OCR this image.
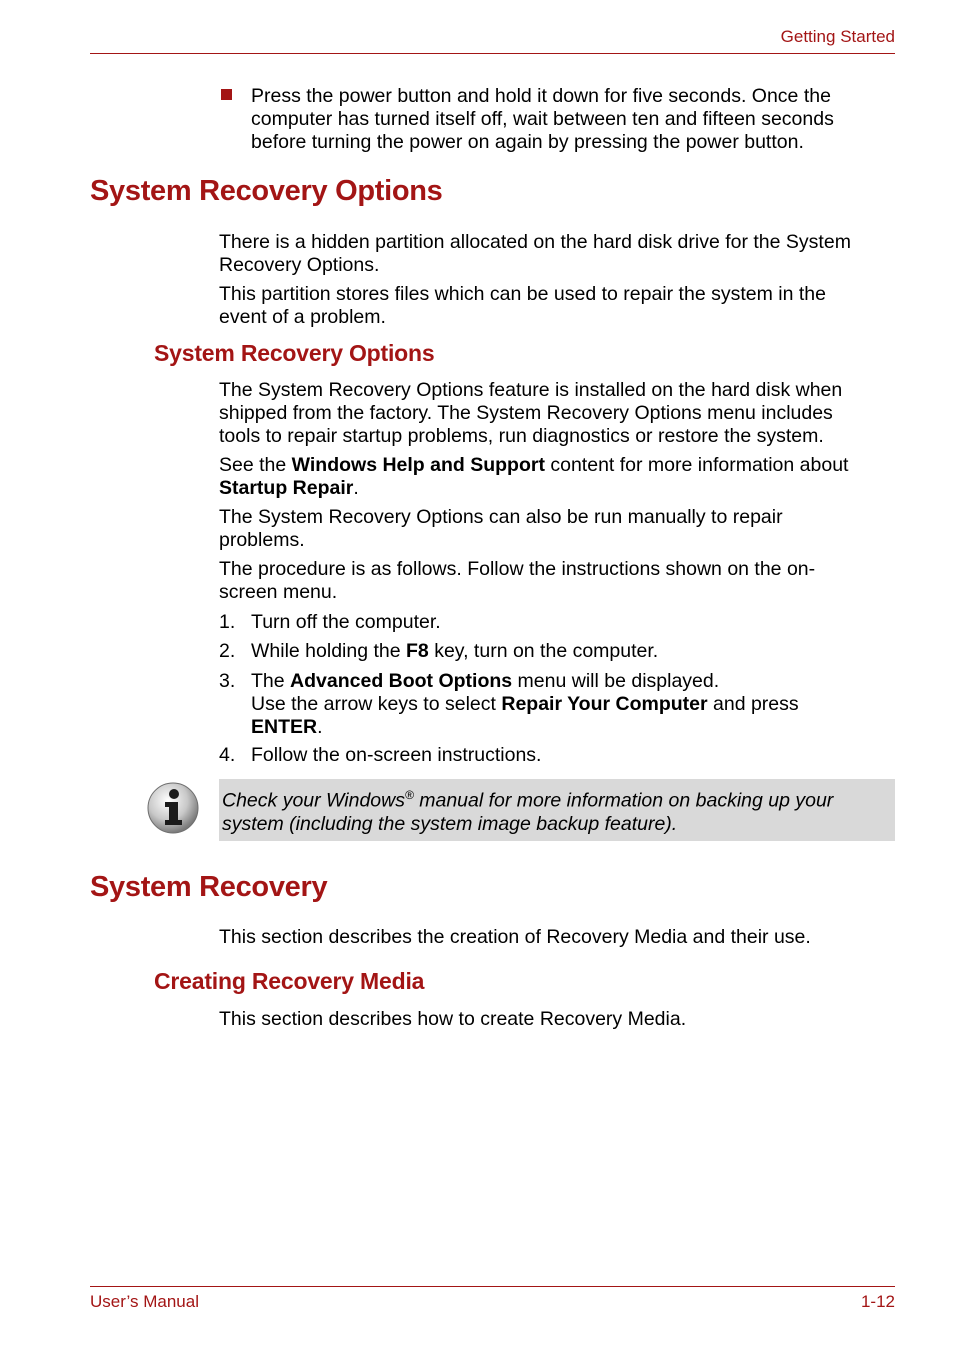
Getting Started
Press the power button and hold it down for five seconds. Once the
computer has turned itself off, wait between ten and fifteen seconds
before turning the power on again by pressing the power button.
System Recovery Options
There is a hidden partition allocated on the hard disk drive for the System
Recovery Options.
This partition stores files which can be used to repair the system in the
event of a problem.
System Recovery Options
The System Recovery Options feature is installed on the hard disk when
shipped from the factory. The System Recovery Options menu includes
tools to repair startup problems, run diagnostics or restore the system.
See the Windows Help and Support content for more information about
Startup Repair.
The System Recovery Options can also be run manually to repair
problems.
The procedure is as follows. Follow the instructions shown on the on-
screen menu.
1. Turn off the computer.
2. While holding the F8 key, turn on the computer.
3. The Advanced Boot Options menu will be displayed.
Use the arrow keys to select Repair Your Computer and press
ENTER.
4. Follow the on-screen instructions.
Check your Windows® manual for more information on backing up your
system (including the system image backup feature).
System Recovery
This section describes the creation of Recovery Media and their use.
Creating Recovery Media
This section describes how to create Recovery Media.
User’s Manual	1-12
